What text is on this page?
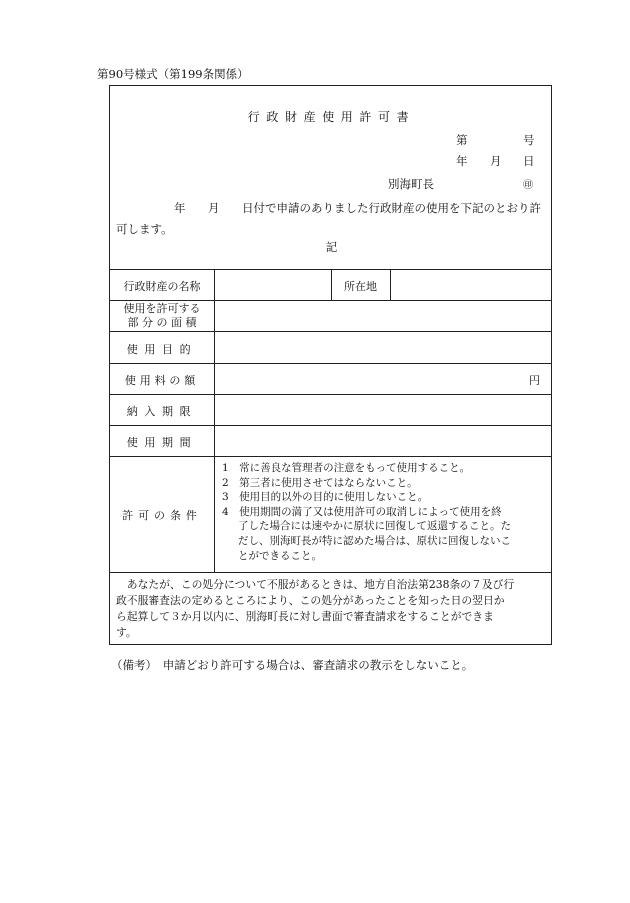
第90号様式（第199条関係）
行政財産使用許可書
第	号
年 月 日
別海町長	㊞
年 月 日付で申請のありました行政財産の使用を下記のとおり許
可します。
記
行政財産の名称	所在地
使用を許可する
部 分 の 面 積
使用目的
使用料の額	円
納入期限
使用期間
許可の条件
1　常に善良な管理者の注意をもって使用すること。
2　第三者に使用させてはならないこと。
3　使用目的以外の目的に使用しないこと。
4　使用期間の満了又は使用許可の取消しによって使用を終
了した場合には速やかに原状に回復して返還すること。た
だし、別海町長が特に認めた場合は、原状に回復しないこ
とができること。
　あなたが、この処分について不服があるときは、地方自治法第238条の７及び行
政不服審査法の定めるところにより、この処分があったことを知った日の翌日か
ら起算して３か月以内に、別海町長に対し書面で審査請求をすることができま
す。
（備考）　申請どおり許可する場合は、審査請求の教示をしないこと。
